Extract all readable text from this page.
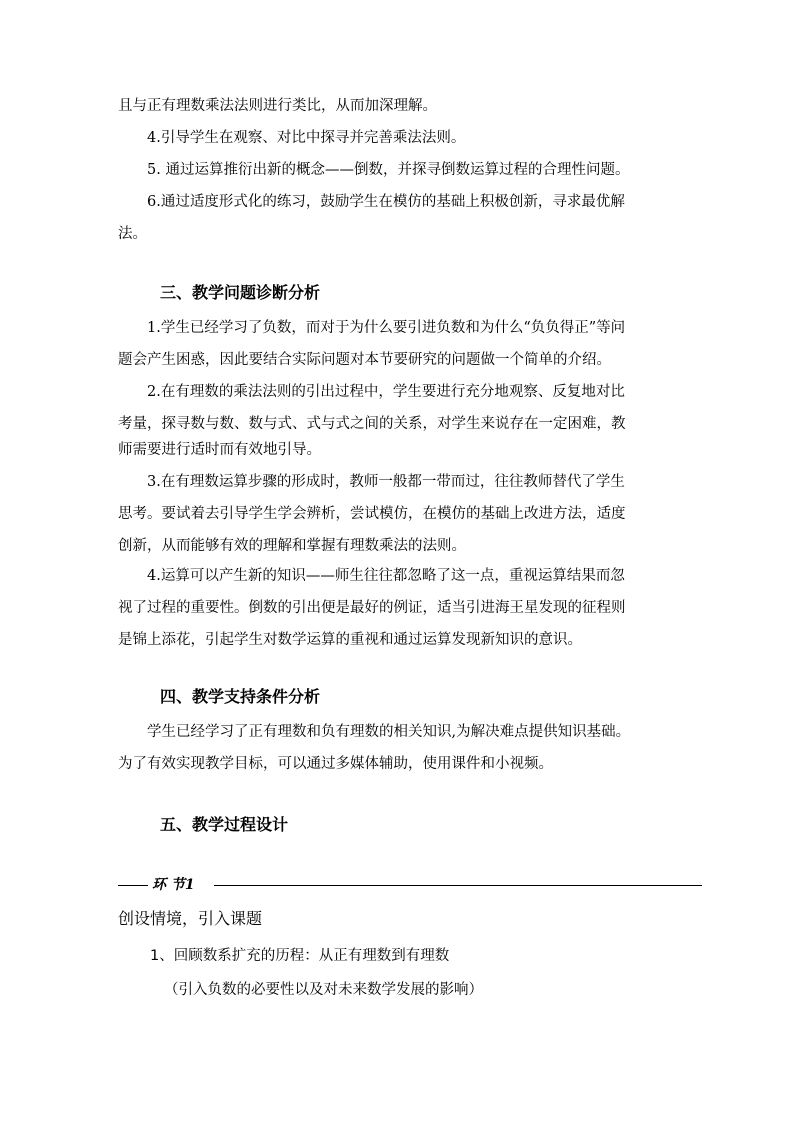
且与正有理数乘法法则进行类比，从而加深理解。
4.引导学生在观察、对比中探寻并完善乘法法则。
5. 通过运算推衍出新的概念——倒数，并探寻倒数运算过程的合理性问题。
6.通过适度形式化的练习，鼓励学生在模仿的基础上积极创新，寻求最优解
法。
三、教学问题诊断分析
1.学生已经学习了负数，而对于为什么要引进负数和为什么“负负得正”等问
题会产生困惑，因此要结合实际问题对本节要研究的问题做一个简单的介绍。
2.在有理数的乘法法则的引出过程中，学生要进行充分地观察、反复地对比
考量，探寻数与数、数与式、式与式之间的关系，对学生来说存在一定困难，教
师需要进行适时而有效地引导。
3.在有理数运算步骤的形成时，教师一般都一带而过，往往教师替代了学生
思考。要试着去引导学生学会辨析，尝试模仿，在模仿的基础上改进方法，适度
创新，从而能够有效的理解和掌握有理数乘法的法则。
4.运算可以产生新的知识——师生往往都忽略了这一点，重视运算结果而忽
视了过程的重要性。倒数的引出便是最好的例证，适当引进海王星发现的征程则
是锦上添花，引起学生对数学运算的重视和通过运算发现新知识的意识。
四、教学支持条件分析
学生已经学习了正有理数和负有理数的相关知识,为解决难点提供知识基础。
为了有效实现教学目标，可以通过多媒体辅助，使用课件和小视频。
五、教学过程设计
环 节1
创设情境，引入课题
1、回顾数系扩充的历程：从正有理数到有理数
（引入负数的必要性以及对未来数学发展的影响）
